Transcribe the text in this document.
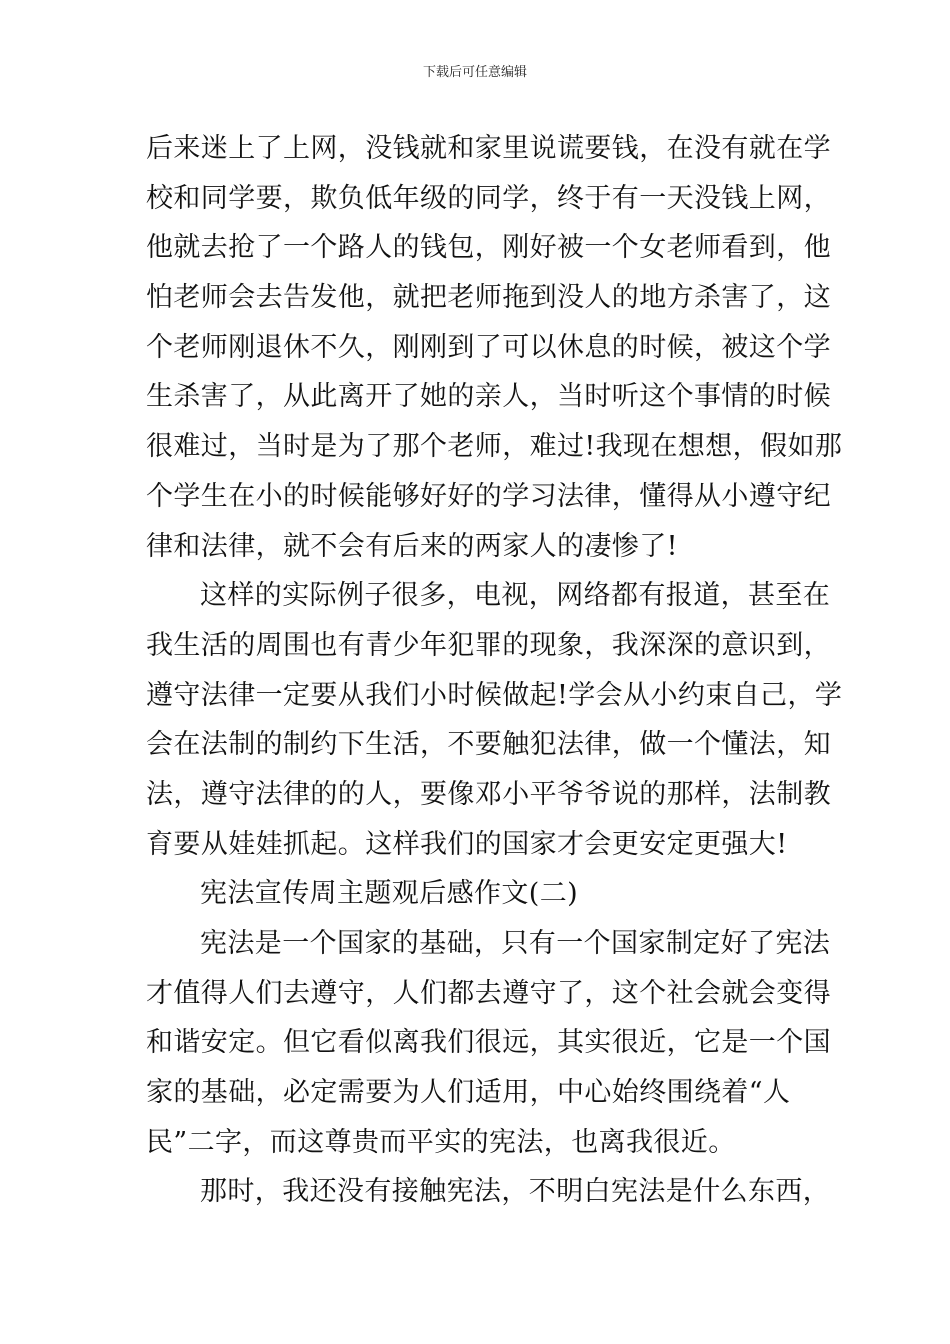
下载后可任意编辑
后来迷上了上网，没钱就和家里说谎要钱，在没有就在学
校和同学要，欺负低年级的同学，终于有一天没钱上网，
他就去抢了一个路人的钱包，刚好被一个女老师看到，他
怕老师会去告发他，就把老师拖到没人的地方杀害了，这
个老师刚退休不久，刚刚到了可以休息的时候，被这个学
生杀害了，从此离开了她的亲人，当时听这个事情的时候
很难过，当时是为了那个老师，难过!我现在想想，假如那
个学生在小的时候能够好好的学习法律，懂得从小遵守纪
律和法律，就不会有后来的两家人的凄惨了!
这样的实际例子很多，电视，网络都有报道，甚至在
我生活的周围也有青少年犯罪的现象，我深深的意识到，
遵守法律一定要从我们小时候做起!学会从小约束自己，学
会在法制的制约下生活，不要触犯法律，做一个懂法，知
法，遵守法律的的人，要像邓小平爷爷说的那样，法制教
育要从娃娃抓起。这样我们的国家才会更安定更强大!
宪法宣传周主题观后感作文(二)
宪法是一个国家的基础，只有一个国家制定好了宪法
才值得人们去遵守，人们都去遵守了，这个社会就会变得
和谐安定。但它看似离我们很远，其实很近，它是一个国
家的基础，必定需要为人们适用，中心始终围绕着“人
民”二字，而这尊贵而平实的宪法，也离我很近。
那时，我还没有接触宪法，不明白宪法是什么东西，
